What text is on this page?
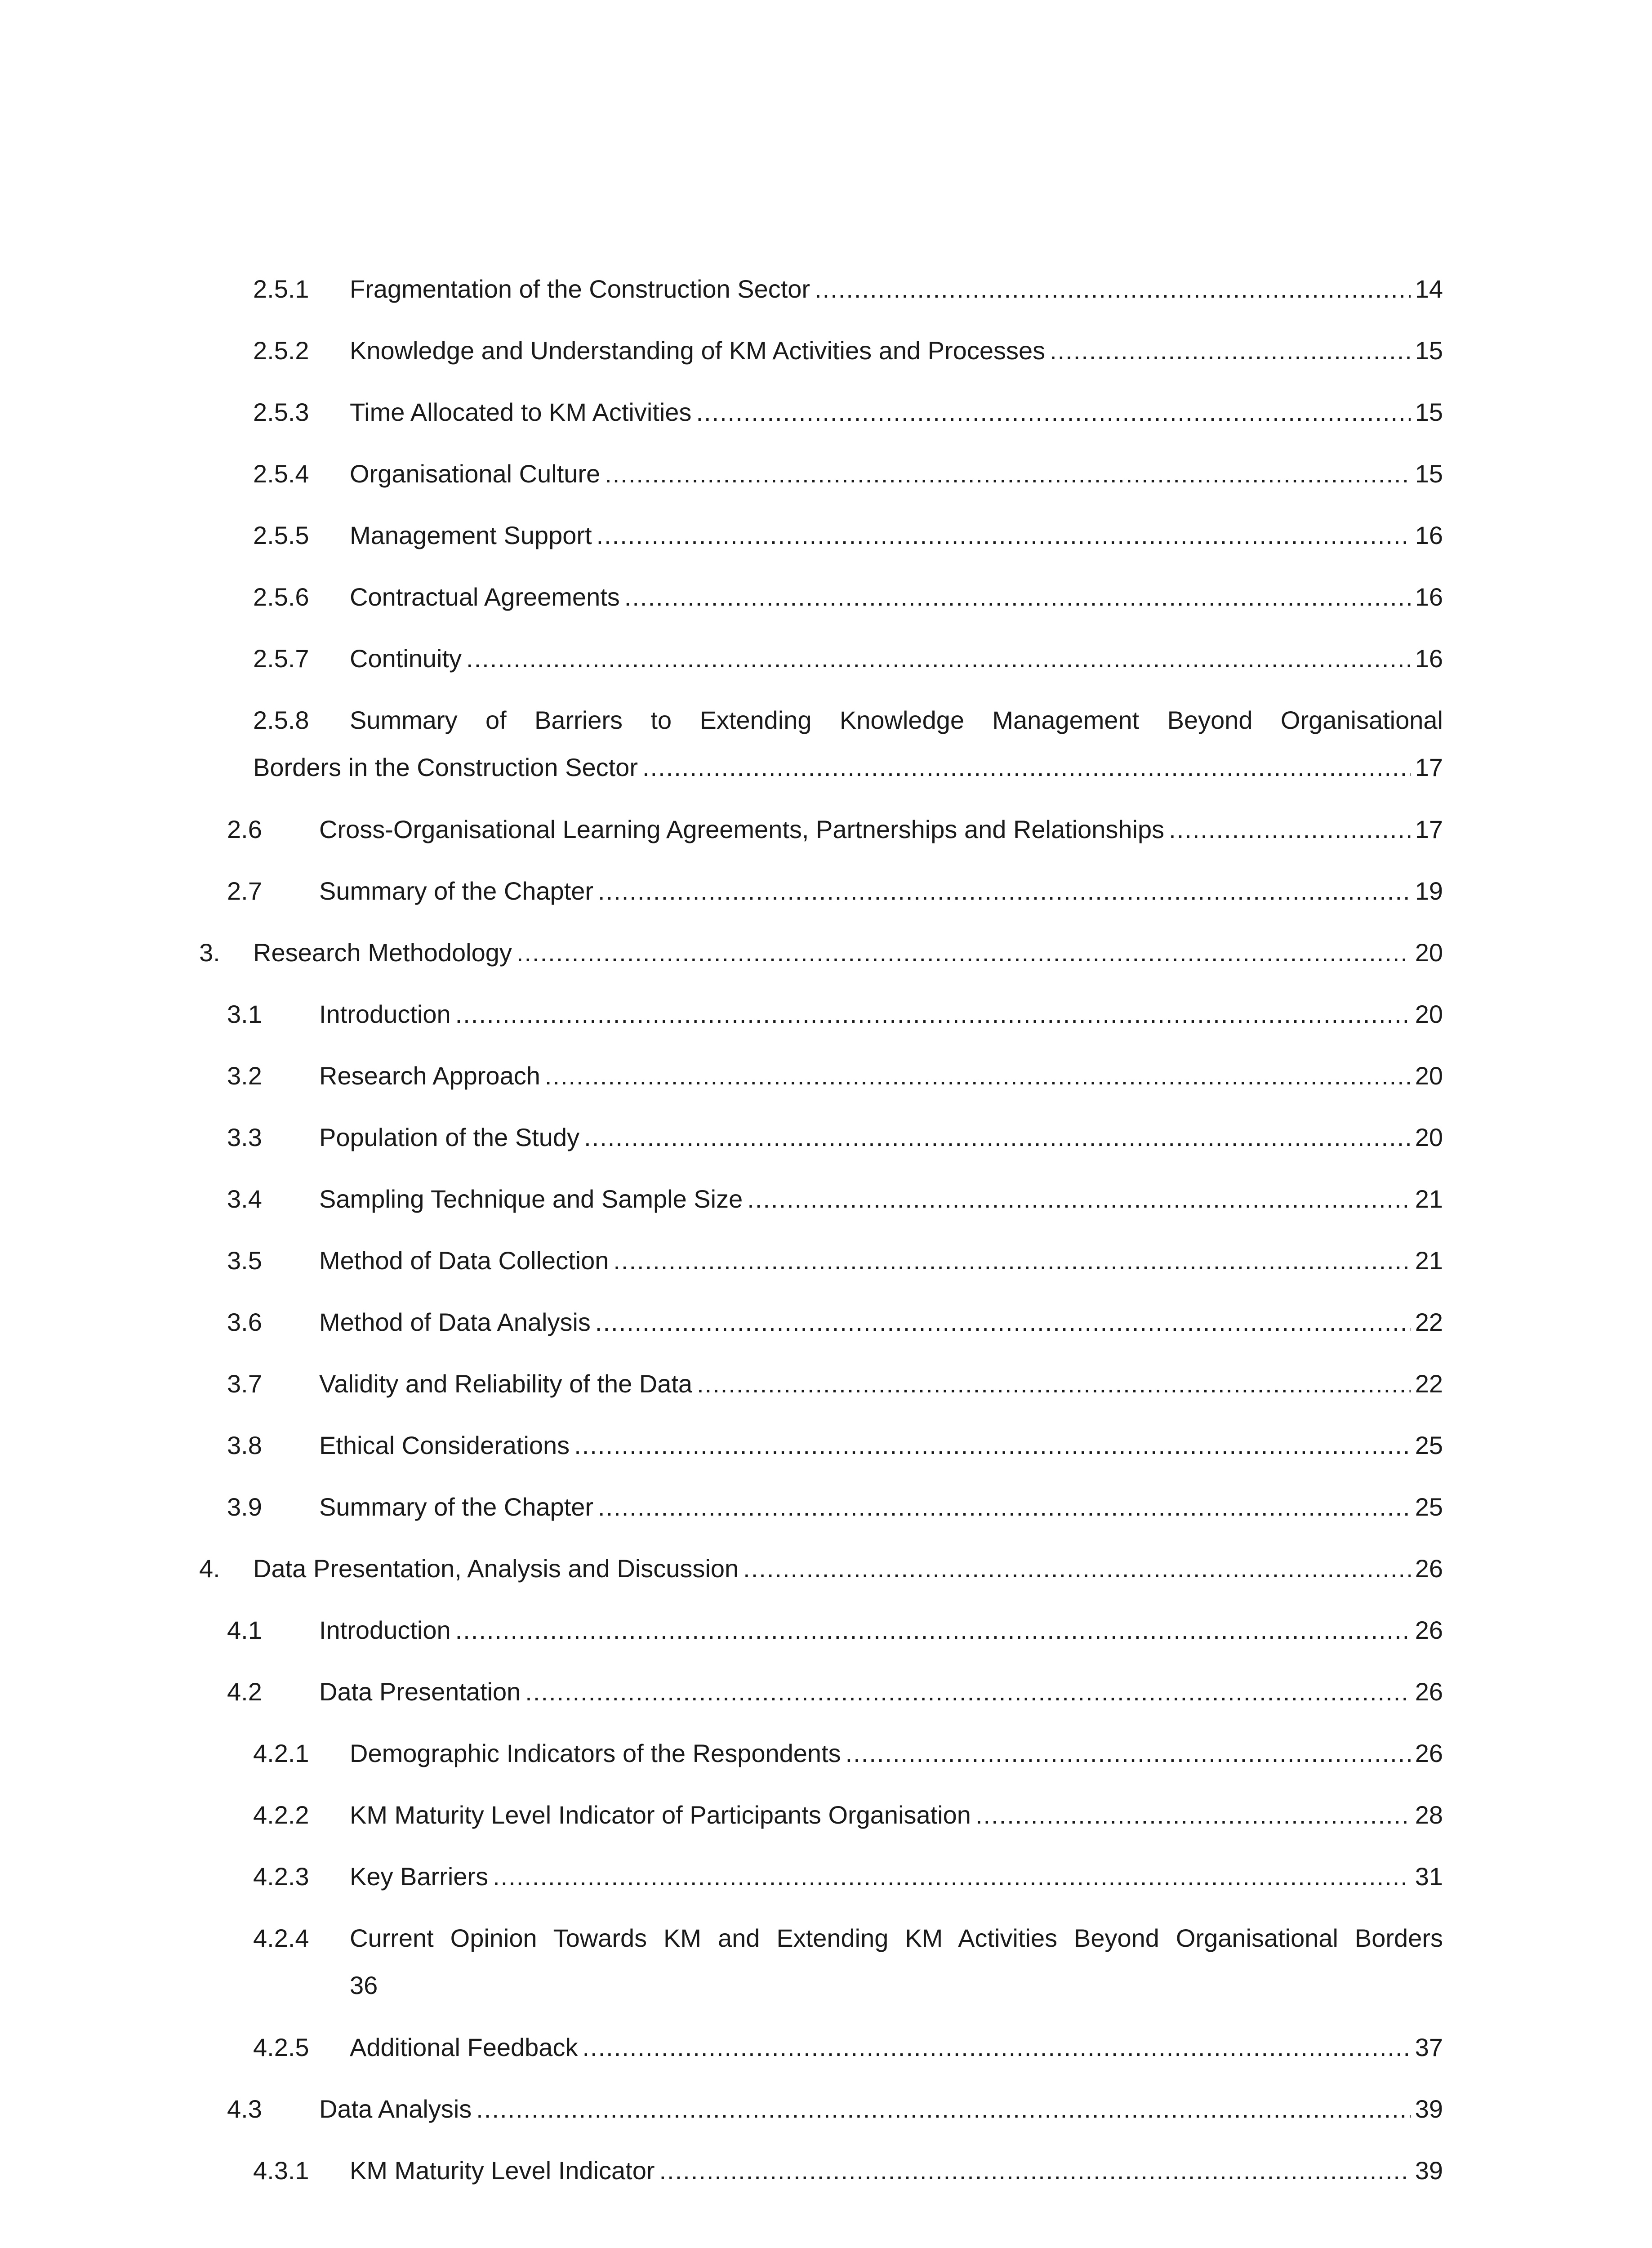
2.5.1 Fragmentation of the Construction Sector .....	14
2.5.2 Knowledge and Understanding of KM Activities and Processes .....	15
2.5.3 Time Allocated to KM Activities .....	15
2.5.4 Organisational Culture .....	15
2.5.5 Management Support .....	16
2.5.6 Contractual Agreements .....	16
2.5.7 Continuity .....	16
2.5.8 Summary of Barriers to Extending Knowledge Management Beyond Organisational
Borders in the Construction Sector .....	17
2.6 Cross-Organisational Learning Agreements, Partnerships and Relationships .....	17
2.7 Summary of the Chapter .....	19
3. Research Methodology .....	20
3.1 Introduction .....	20
3.2 Research Approach .....	20
3.3 Population of the Study .....	20
3.4 Sampling Technique and Sample Size .....	21
3.5 Method of Data Collection .....	21
3.6 Method of Data Analysis .....	22
3.7 Validity and Reliability of the Data .....	22
3.8 Ethical Considerations .....	25
3.9 Summary of the Chapter .....	25
4. Data Presentation, Analysis and Discussion .....	26
4.1 Introduction .....	26
4.2 Data Presentation .....	26
4.2.1 Demographic Indicators of the Respondents .....	26
4.2.2 KM Maturity Level Indicator of Participants Organisation .....	28
4.2.3 Key Barriers .....	31
4.2.4 Current Opinion Towards KM and Extending KM Activities Beyond Organisational Borders
36
4.2.5 Additional Feedback .....	37
4.3 Data Analysis .....	39
4.3.1 KM Maturity Level Indicator .....	39
